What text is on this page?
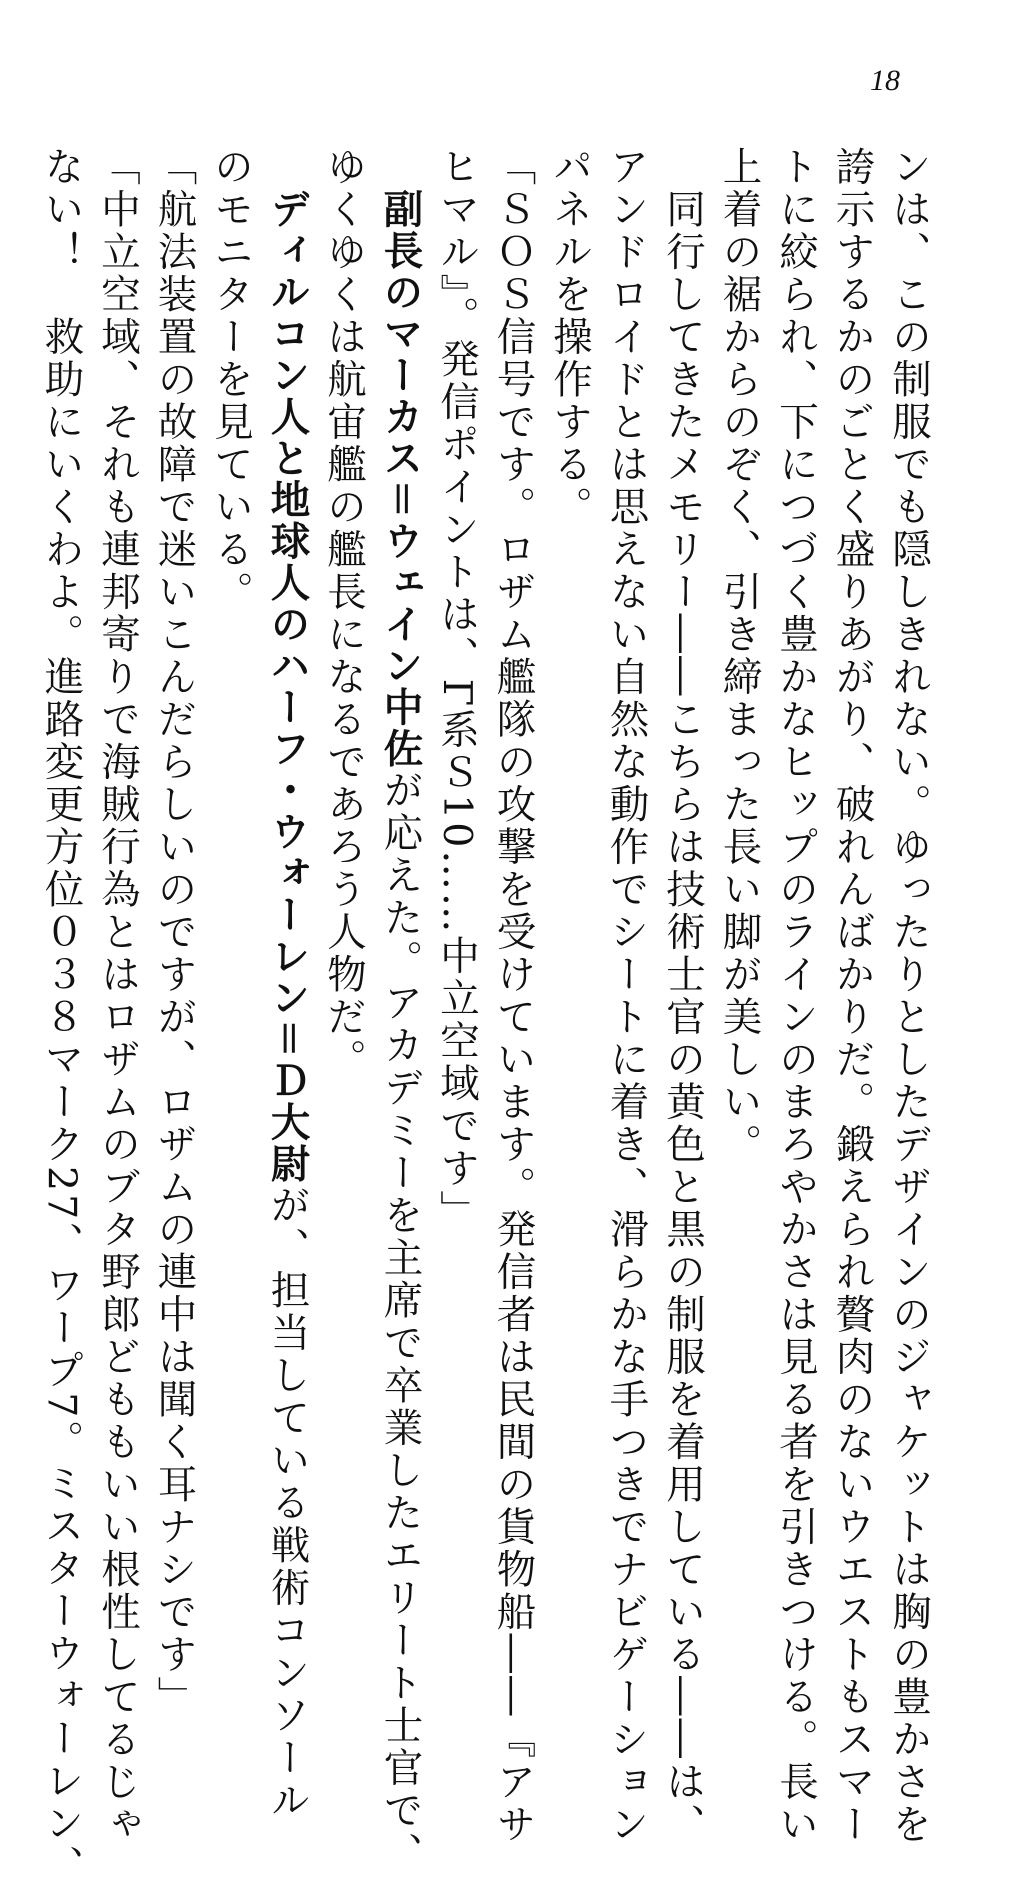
18
ンは、この制服でも隠しきれない。ゆったりとしたデザインのジャケットは胸の豊かさを
誇示するかのごとく盛りあがり、破れんばかりだ。鍛えられ贅肉のないウエストもスマー
トに絞られ、下につづく豊かなヒップのラインのまろやかさは見る者を引きつける。長い
上着の裾からのぞく、引き締まった長い脚が美しい。
　同行してきたメモリー――こちらは技術士官の黄色と黒の制服を着用している――は、
アンドロイドとは思えない自然な動作でシートに着き、滑らかな手つきでナビゲーション
パネルを操作する。
「ＳＯＳ信号です。ロザム艦隊の攻撃を受けています。発信者は民間の貨物船――『アサ
ヒマル』。発信ポイントは、Γ系Ｓ10……中立空域です」
　副長のマーカス＝ウェイン中佐が応えた。アカデミーを主席で卒業したエリート士官で、
ゆくゆくは航宙艦の艦長になるであろう人物だ。
　ディルコン人と地球人のハーフ・ウォーレン＝Ｄ大尉が、担当している戦術コンソール
のモニターを見ている。
「航法装置の故障で迷いこんだらしいのですが、ロザムの連中は聞く耳ナシです」
「中立空域、それも連邦寄りで海賊行為とはロザムのブタ野郎どももいい根性してるじゃ
ない！　救助にいくわよ。進路変更方位０３８マーク27、ワープ7。ミスターウォーレン、
